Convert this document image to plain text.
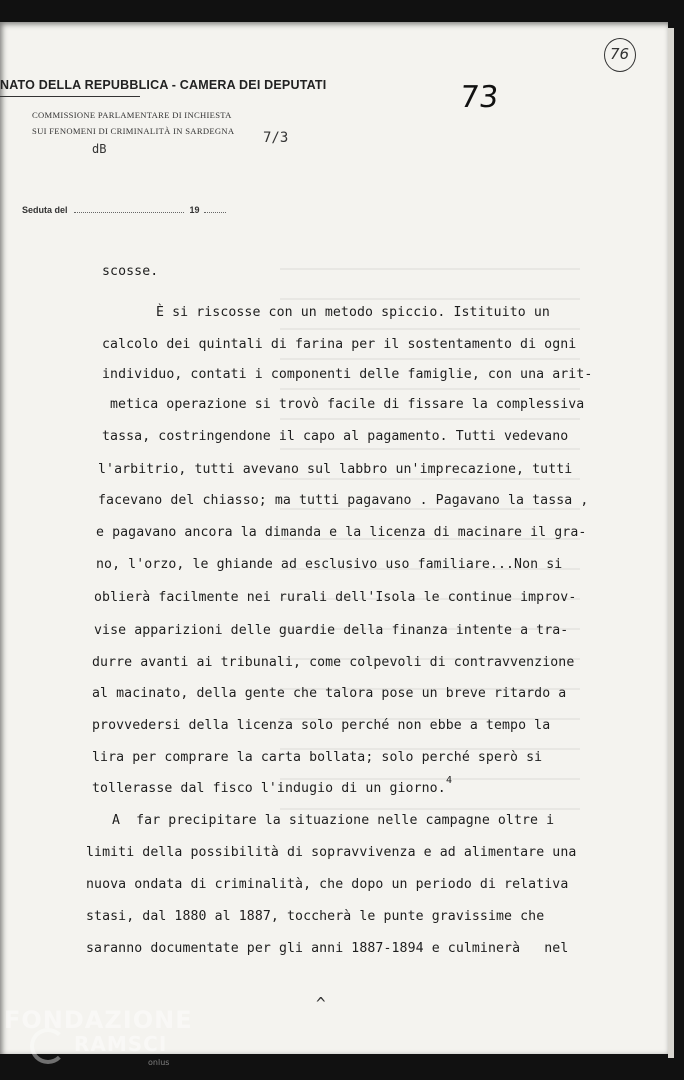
NATO DELLA REPUBBLICA - CAMERA DEI DEPUTATI
COMMISSIONE PARLAMENTARE DI INCHIESTA
SUI FENOMENI DI CRIMINALITÀ IN SARDEGNA
dB
7/3
73
76
Seduta del	19
scosse.
È si riscosse con un metodo spiccio. Istituito un
calcolo dei quintali di farina per il sostentamento di ogni
individuo, contati i componenti delle famiglie, con una arit-
metica operazione si trovò facile di fissare la complessiva
tassa, costringendone il capo al pagamento. Tutti vedevano
l'arbitrio, tutti avevano sul labbro un'imprecazione, tutti
facevano del chiasso; ma tutti pagavano . Pagavano la tassa ,
e pagavano ancora la dimanda e la licenza di macinare il gra-
no, l'orzo, le ghiande ad esclusivo uso familiare...Non si
oblierà facilmente nei rurali dell'Isola le continue improv-
vise apparizioni delle guardie della finanza intente a tra-
durre avanti ai tribunali, come colpevoli di contravvenzione
al macinato, della gente che talora pose un breve ritardo a
provvedersi della licenza solo perché non ebbe a tempo la
lira per comprare la carta bollata; solo perché sperò si
tollerasse dal fisco l'indugio di un giorno.
4
A  far precipitare la situazione nelle campagne oltre i
limiti della possibilità di sopravvivenza e ad alimentare una
nuova ondata di criminalità, che dopo un periodo di relativa
stasi, dal 1880 al 1887, toccherà le punte gravissime che
saranno documentate per gli anni 1887-1894 e culminerà   nel
^
FONDAZIONE
RAMSCI
onlus
